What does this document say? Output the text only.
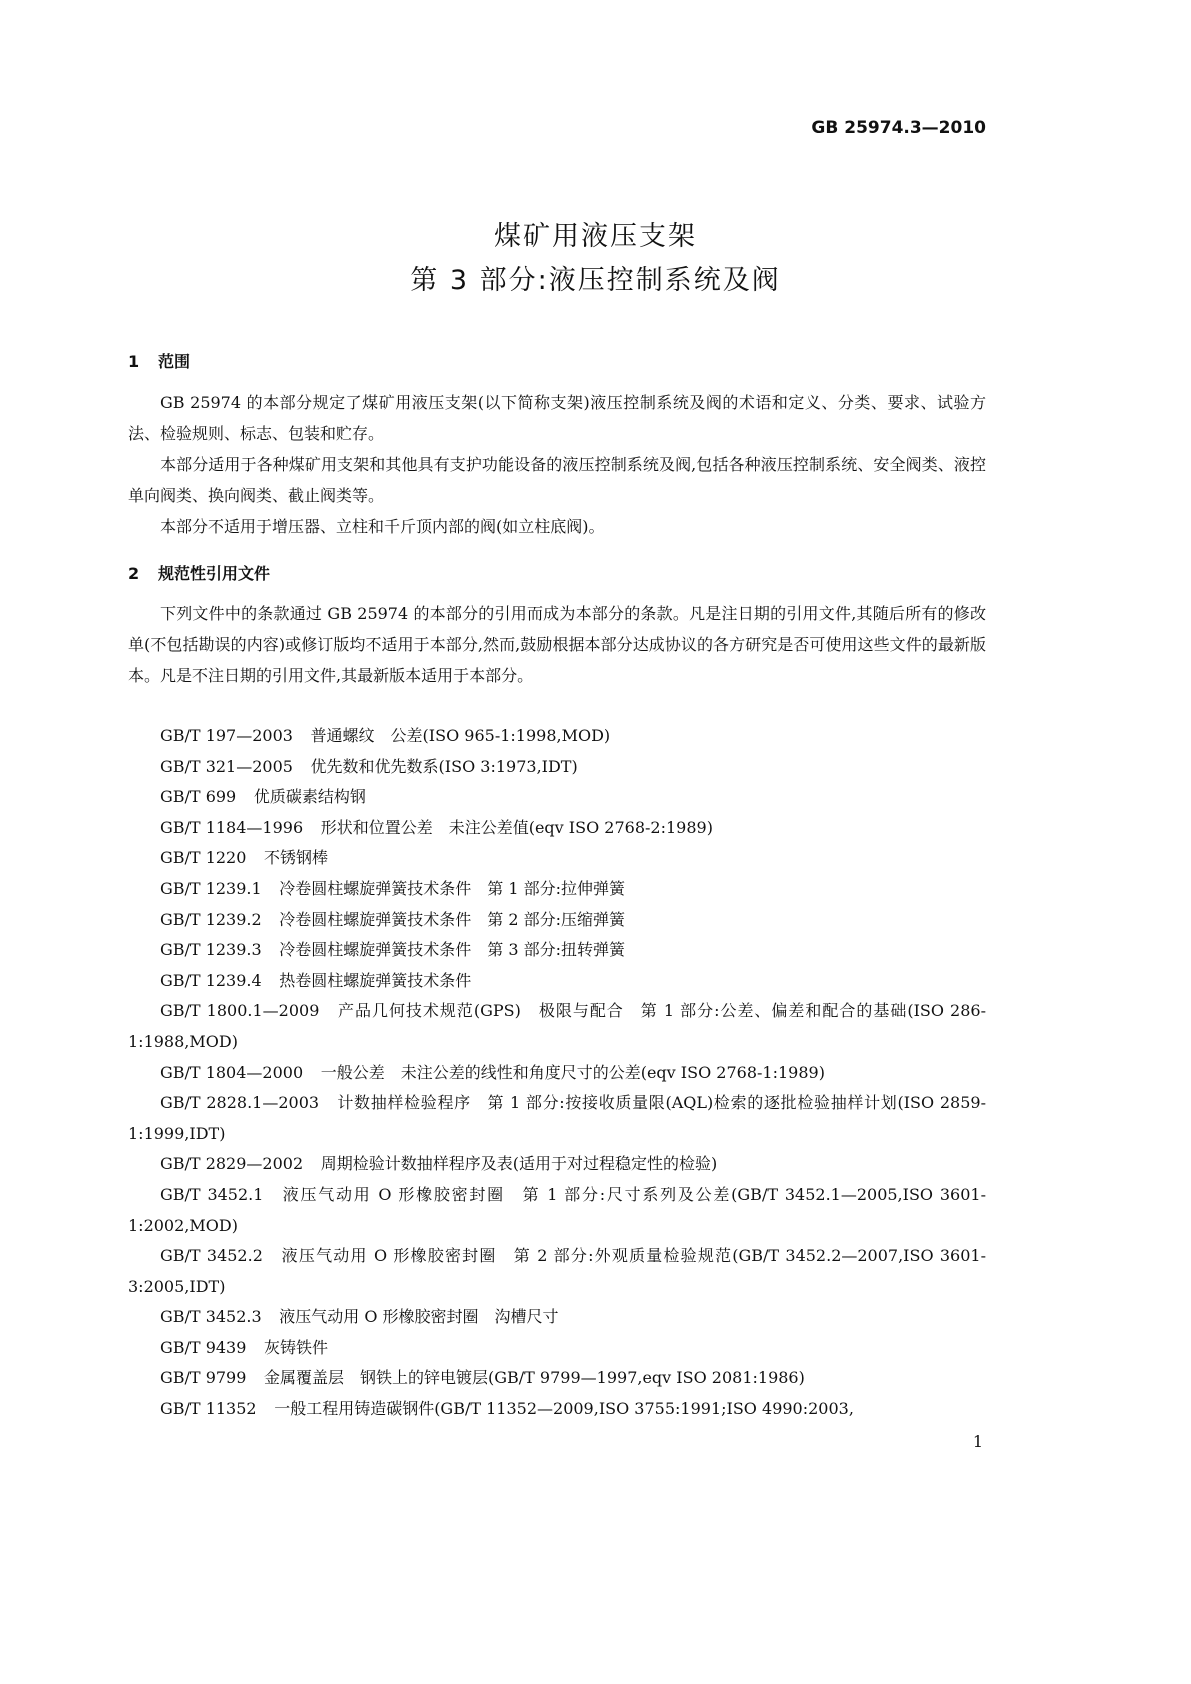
GB 25974.3—2010
煤矿用液压支架
第 3 部分:液压控制系统及阀
1 范围

GB 25974 的本部分规定了煤矿用液压支架(以下简称支架)液压控制系统及阀的术语和定义、分类、要求、试验方法、检验规则、标志、包装和贮存。

本部分适用于各种煤矿用支架和其他具有支护功能设备的液压控制系统及阀,包括各种液压控制系统、安全阀类、液控单向阀类、换向阀类、截止阀类等。

本部分不适用于增压器、立柱和千斤顶内部的阀(如立柱底阀)。

2 规范性引用文件

下列文件中的条款通过 GB 25974 的本部分的引用而成为本部分的条款。凡是注日期的引用文件,其随后所有的修改单(不包括勘误的内容)或修订版均不适用于本部分,然而,鼓励根据本部分达成协议的各方研究是否可使用这些文件的最新版本。凡是不注日期的引用文件,其最新版本适用于本部分。

GB/T 197—2003 普通螺纹　公差(ISO 965-1:1998,MOD)
GB/T 321—2005 优先数和优先数系(ISO 3:1973,IDT)
GB/T 699 优质碳素结构钢
GB/T 1184—1996 形状和位置公差　未注公差值(eqv ISO 2768-2:1989)
GB/T 1220 不锈钢棒
GB/T 1239.1 冷卷圆柱螺旋弹簧技术条件　第 1 部分:拉伸弹簧
GB/T 1239.2 冷卷圆柱螺旋弹簧技术条件　第 2 部分:压缩弹簧
GB/T 1239.3 冷卷圆柱螺旋弹簧技术条件　第 3 部分:扭转弹簧
GB/T 1239.4 热卷圆柱螺旋弹簧技术条件
GB/T 1800.1—2009 产品几何技术规范(GPS)　极限与配合　第 1 部分:公差、偏差和配合的基础(ISO 286-1:1988,MOD)
GB/T 1804—2000 一般公差　未注公差的线性和角度尺寸的公差(eqv ISO 2768-1:1989)
GB/T 2828.1—2003 计数抽样检验程序　第 1 部分:按接收质量限(AQL)检索的逐批检验抽样计划(ISO 2859-1:1999,IDT)
GB/T 2829—2002 周期检验计数抽样程序及表(适用于对过程稳定性的检验)
GB/T 3452.1 液压气动用 O 形橡胶密封圈　第 1 部分:尺寸系列及公差(GB/T 3452.1—2005,ISO 3601-1:2002,MOD)
GB/T 3452.2 液压气动用 O 形橡胶密封圈　第 2 部分:外观质量检验规范(GB/T 3452.2—2007,ISO 3601-3:2005,IDT)
GB/T 3452.3 液压气动用 O 形橡胶密封圈　沟槽尺寸
GB/T 9439 灰铸铁件
GB/T 9799 金属覆盖层　钢铁上的锌电镀层(GB/T 9799—1997,eqv ISO 2081:1986)
GB/T 11352 一般工程用铸造碳钢件(GB/T 11352—2009,ISO 3755:1991;ISO 4990:2003,
1
